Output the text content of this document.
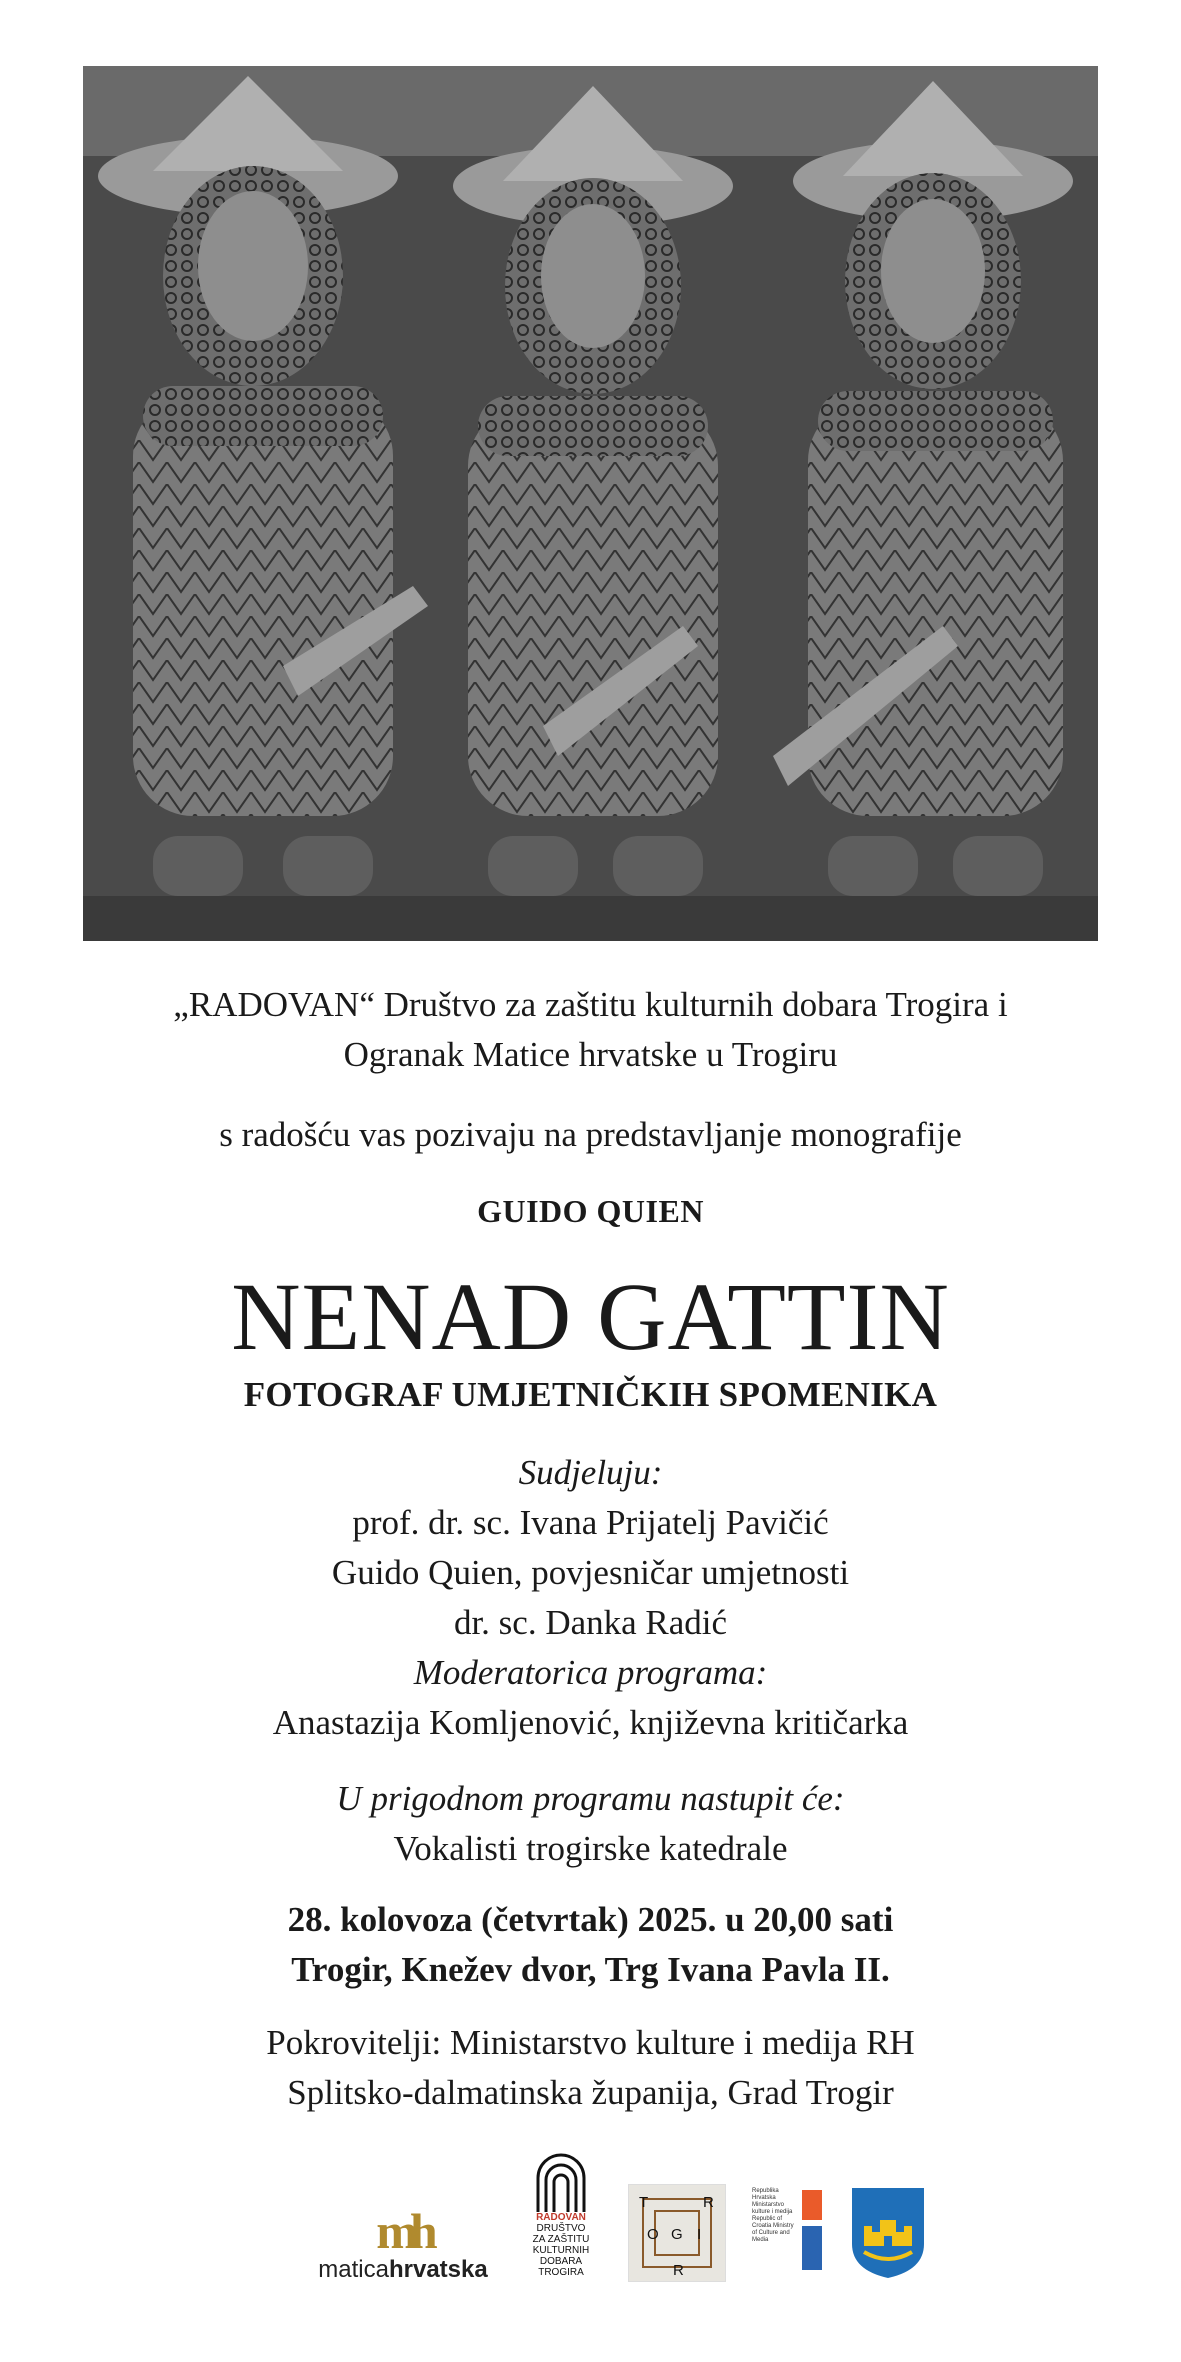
„RADOVAN“ Društvo za zaštitu kulturnih dobara Trogira i
Ogranak Matice hrvatske u Trogiru
s radošću vas pozivaju na predstavljanje monografije
GUIDO QUIEN
NENAD GATTIN
FOTOGRAF UMJETNIČKIH SPOMENIKA
Sudjeluju:
prof. dr. sc. Ivana Prijatelj Pavičić
Guido Quien, povjesničar umjetnosti
dr. sc. Danka Radić
Moderatorica programa:
Anastazija Komljenović, književna kritičarka
U prigodnom programu nastupit će:
Vokalisti trogirske katedrale
28. kolovoza (četvrtak) 2025. u 20,00 sati
Trogir, Knežev dvor, Trg Ivana Pavla II.
Pokrovitelji: Ministarstvo kulture i medija RH
Splitsko-dalmatinska županija, Grad Trogir
mh
maticahrvatska
RADOVAN
DRUŠTVO
ZA ZAŠTITU
KULTURNIH
DOBARA
TROGIRA
T	R
O G I
R
Republika Hrvatska Ministarstvo kulture i medija Republic of Croatia Ministry of Culture and Media
